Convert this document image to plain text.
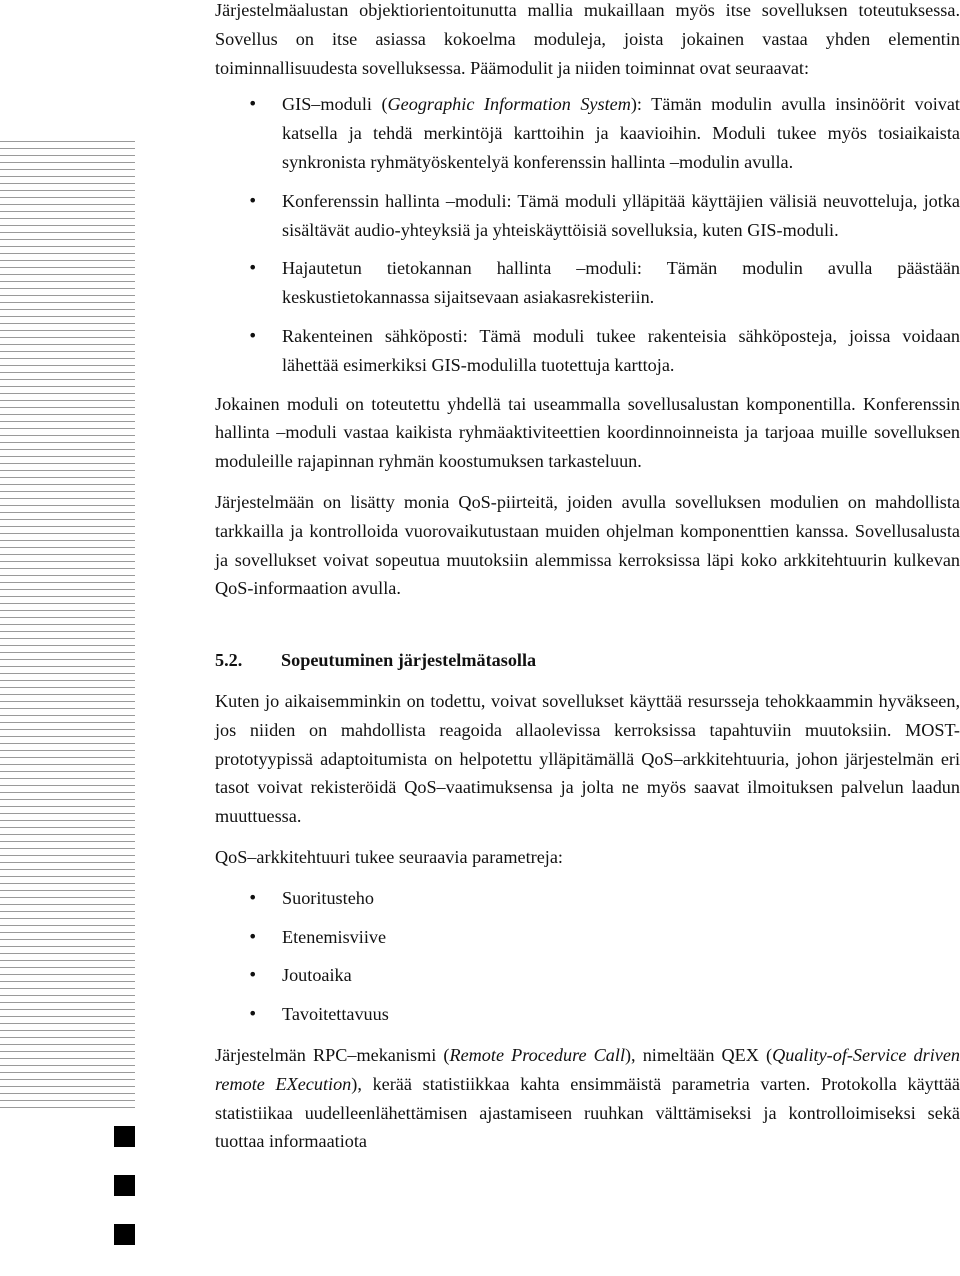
Järjestelmäalustan objektiorientoitunutta mallia mukaillaan myös itse sovelluksen toteutuksessa. Sovellus on itse asiassa kokoelma moduleja, joista jokainen vastaa yhden elementin toiminnallisuudesta sovelluksessa. Päämodulit ja niiden toiminnat ovat seuraavat:

• GIS–moduli (Geographic Information System): Tämän modulin avulla insinöörit voivat katsella ja tehdä merkintöjä karttoihin ja kaavioihin. Moduli tukee myös tosiaikaista synkronista ryhmätyöskentelyä konferenssin hallinta –modulin avulla.
• Konferenssin hallinta –moduli: Tämä moduli ylläpitää käyttäjien välisiä neuvotteluja, jotka sisältävät audio-yhteyksiä ja yhteiskäyttöisiä sovelluksia, kuten GIS-moduli.
• Hajautetun tietokannan hallinta –moduli: Tämän modulin avulla päästään keskustietokannassa sijaitsevaan asiakasrekisteriin.
• Rakenteinen sähköposti: Tämä moduli tukee rakenteisia sähköposteja, joissa voidaan lähettää esimerkiksi GIS-modulilla tuotettuja karttoja.

Jokainen moduli on toteutettu yhdellä tai useammalla sovellusalustan komponentilla. Konferenssin hallinta –moduli vastaa kaikista ryhmäaktiviteettien koordinnoinneista ja tarjoaa muille sovelluksen moduleille rajapinnan ryhmän koostumuksen tarkasteluun.

Järjestelmään on lisätty monia QoS-piirteitä, joiden avulla sovelluksen modulien on mahdollista tarkkailla ja kontrolloida vuorovaikutustaan muiden ohjelman komponenttien kanssa. Sovellusalusta ja sovellukset voivat sopeutua muutoksiin alemmissa kerroksissa läpi koko arkkitehtuurin kulkevan QoS-informaation avulla.

5.2. Sopeutuminen järjestelmätasolla

Kuten jo aikaisemminkin on todettu, voivat sovellukset käyttää resursseja tehokkaammin hyväkseen, jos niiden on mahdollista reagoida allaolevissa kerroksissa tapahtuviin muutoksiin. MOST-prototyypissä adaptoitumista on helpotettu ylläpitämällä QoS–arkkitehtuuria, johon järjestelmän eri tasot voivat rekisteröidä QoS–vaatimuksensa ja jolta ne myös saavat ilmoituksen palvelun laadun muuttuessa.

QoS–arkkitehtuuri tukee seuraavia parametreja:

• Suoritusteho
• Etenemisviive
• Joutoaika
• Tavoitettavuus

Järjestelmän RPC–mekanismi (Remote Procedure Call), nimeltään QEX (Quality-of-Service driven remote EXecution), kerää statistiikkaa kahta ensimmäistä parametria varten. Protokolla käyttää statistiikaa uudelleenlähettämisen ajastamiseen ruuhkan välttämiseksi ja kontrolloimiseksi sekä tuottaa informaatiota
